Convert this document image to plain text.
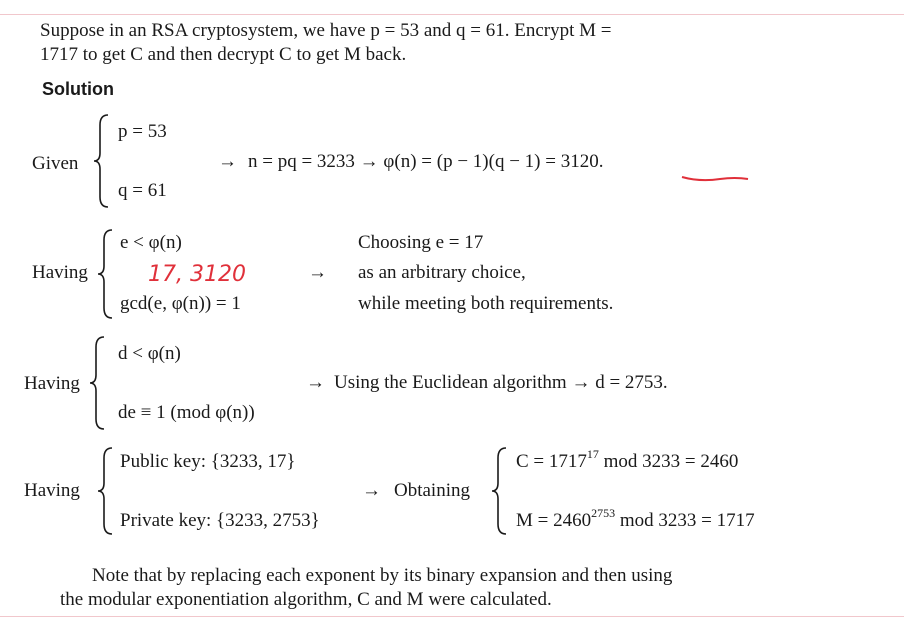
Suppose in an RSA cryptosystem, we have p = 53 and q = 61. Encrypt M =
1717 to get C and then decrypt C to get M back.
Solution
Given
p = 53
q = 61
→ n = pq = 3233 → φ(n) = (p − 1)(q − 1) = 3120.
Having
e < φ(n)
17, 3120
gcd(e, φ(n)) = 1
→
Choosing e = 17
as an arbitrary choice,
while meeting both requirements.
Having
d < φ(n)
de ≡ 1 (mod φ(n))
→ Using the Euclidean algorithm → d = 2753.
Having
Public key: {3233, 17}
Private key: {3233, 2753}
→ Obtaining
$C = 1717^{17}$ mod 3233 = 2460
$M = 2460^{2753}$ mod 3233 = 1717
Note that by replacing each exponent by its binary expansion and then using
the modular exponentiation algorithm, C and M were calculated.
